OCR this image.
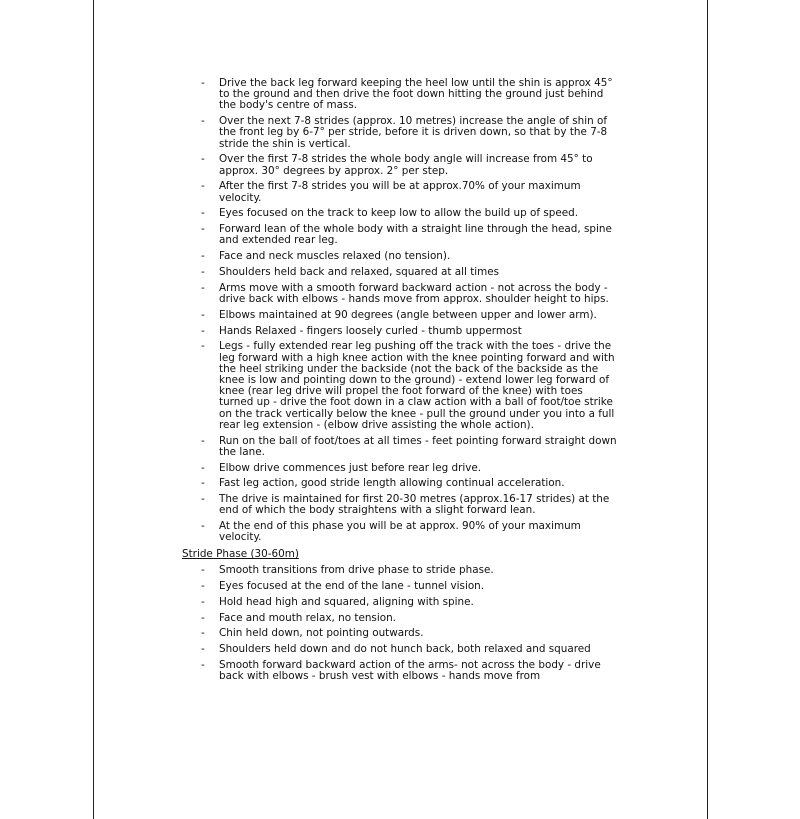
- Drive the back leg forward keeping the heel low until the shin is approx 45° to the ground and then drive the foot down hitting the ground just behind the body's centre of mass.
- Over the next 7-8 strides (approx. 10 metres) increase the angle of shin of the front leg by 6-7° per stride, before it is driven down, so that by the 7-8 stride the shin is vertical.
- Over the first 7-8 strides the whole body angle will increase from 45° to approx. 30° degrees by approx. 2° per step.
- After the first 7-8 strides you will be at approx.70% of your maximum velocity.
- Eyes focused on the track to keep low to allow the build up of speed.
- Forward lean of the whole body with a straight line through the head, spine and extended rear leg.
- Face and neck muscles relaxed (no tension).
- Shoulders held back and relaxed, squared at all times
- Arms move with a smooth forward backward action - not across the body - drive back with elbows - hands move from approx. shoulder height to hips.
- Elbows maintained at 90 degrees (angle between upper and lower arm).
- Hands Relaxed - fingers loosely curled - thumb uppermost
- Legs - fully extended rear leg pushing off the track with the toes - drive the leg forward with a high knee action with the knee pointing forward and with the heel striking under the backside (not the back of the backside as the knee is low and pointing down to the ground) - extend lower leg forward of knee (rear leg drive will propel the foot forward of the knee) with toes turned up - drive the foot down in a claw action with a ball of foot/toe strike on the track vertically below the knee - pull the ground under you into a full rear leg extension - (elbow drive assisting the whole action).
- Run on the ball of foot/toes at all times - feet pointing forward straight down the lane.
- Elbow drive commences just before rear leg drive.
- Fast leg action, good stride length allowing continual acceleration.
- The drive is maintained for first 20-30 metres (approx.16-17 strides) at the end of which the body straightens with a slight forward lean.
- At the end of this phase you will be at approx. 90% of your maximum velocity.
Stride Phase (30-60m)
- Smooth transitions from drive phase to stride phase.
- Eyes focused at the end of the lane - tunnel vision.
- Hold head high and squared, aligning with spine.
- Face and mouth relax, no tension.
- Chin held down, not pointing outwards.
- Shoulders held down and do not hunch back, both relaxed and squared
- Smooth forward backward action of the arms- not across the body - drive back with elbows - brush vest with elbows - hands move from
